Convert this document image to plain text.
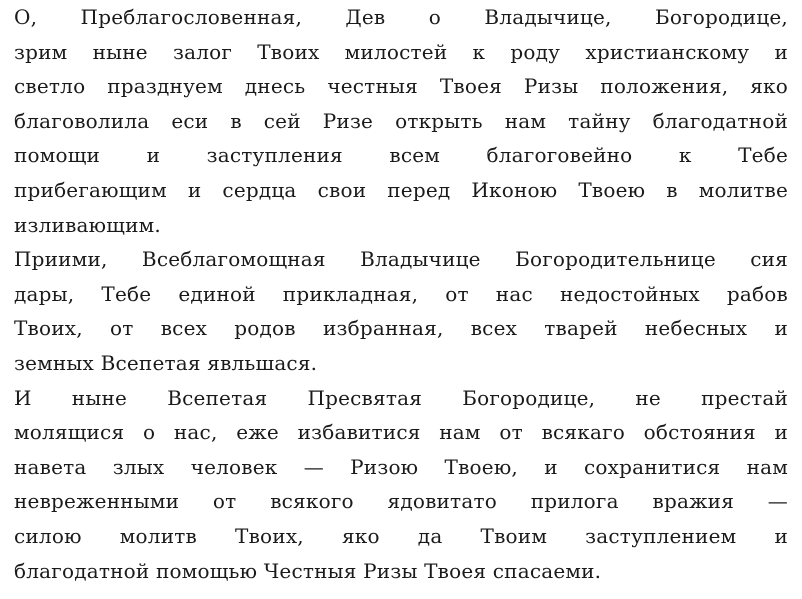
О, Преблагословенная, Дев о Владычице, Богородице,
зрим ныне залог Твоих милостей к роду христианскому и
светло празднуем днесь честныя Твоея Ризы положения, яко
благоволила еси в сей Ризе открыть нам тайну благодатной
помощи и заступления всем благоговейно к Тебе
прибегающим и сердца свои перед Иконою Твоею в молитве
изливающим.
Приими, Всеблагомощная Владычице Богородительнице сия
дары, Тебе единой прикладная, от нас недостойных рабов
Твоих, от всех родов избранная, всех тварей небесных и
земных Всепетая явльшася.
И ныне Всепетая Пресвятая Богородице, не престай
молящися о нас, еже избавитися нам от всякаго обстояния и
навета злых человек — Ризою Твоею, и сохранитися нам
невреженными от всякого ядовитато прилога вражия —
силою молитв Твоих, яко да Твоим заступлением и
благодатной помощью Честныя Ризы Твоея спасаеми.
